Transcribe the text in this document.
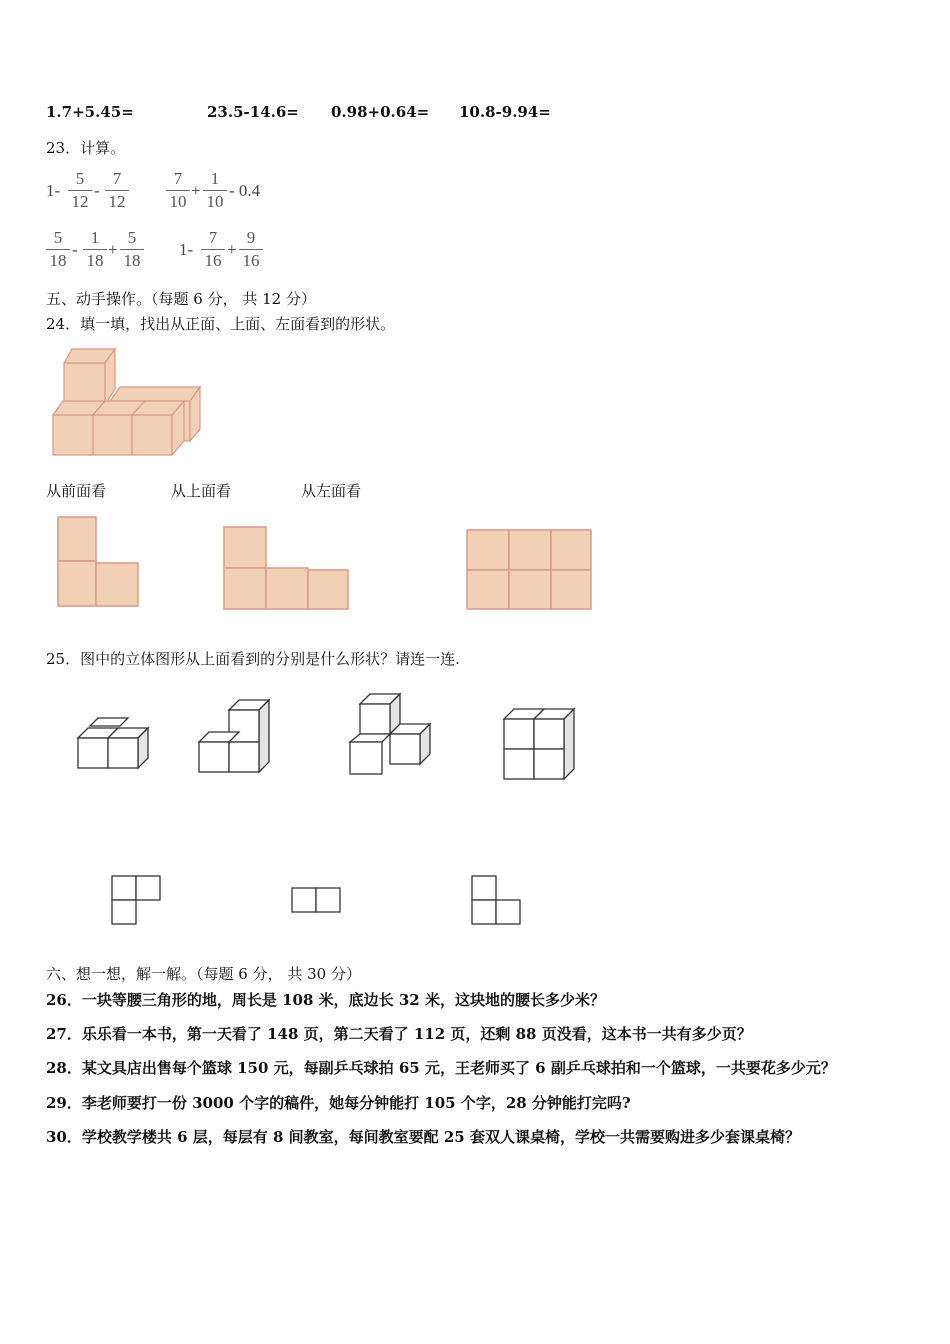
1.7+5.45=	23.5-14.6= 0.98+0.64= 10.8-9.94=
23．计算。
1-
5
12
-
7
12
7
10
+
1
10
- 0.4
5
18
-
1
18
+
5
18
1-
7
16
+
9
16
五、动手操作。（每题 6 分， 共 12 分）
24．填一填，找出从正面、上面、左面看到的形状。
从前面看	从上面看	从左面看
25．图中的立体图形从上面看到的分别是什么形状？请连一连.
六、想一想，解一解。（每题 6 分， 共 30 分）
26．一块等腰三角形的地，周长是 108 米，底边长 32 米，这块地的腰长多少米？
27．乐乐看一本书，第一天看了 148 页，第二天看了 112 页，还剩 88 页没看，这本书一共有多少页？
28．某文具店出售每个篮球 150 元，每副乒乓球拍 65 元，王老师买了 6 副乒乓球拍和一个篮球，一共要花多少元？
29．李老师要打一份 3000 个字的稿件，她每分钟能打 105 个字，28 分钟能打完吗?
30．学校教学楼共 6 层，每层有 8 间教室，每间教室要配 25 套双人课桌椅，学校一共需要购进多少套课桌椅？
